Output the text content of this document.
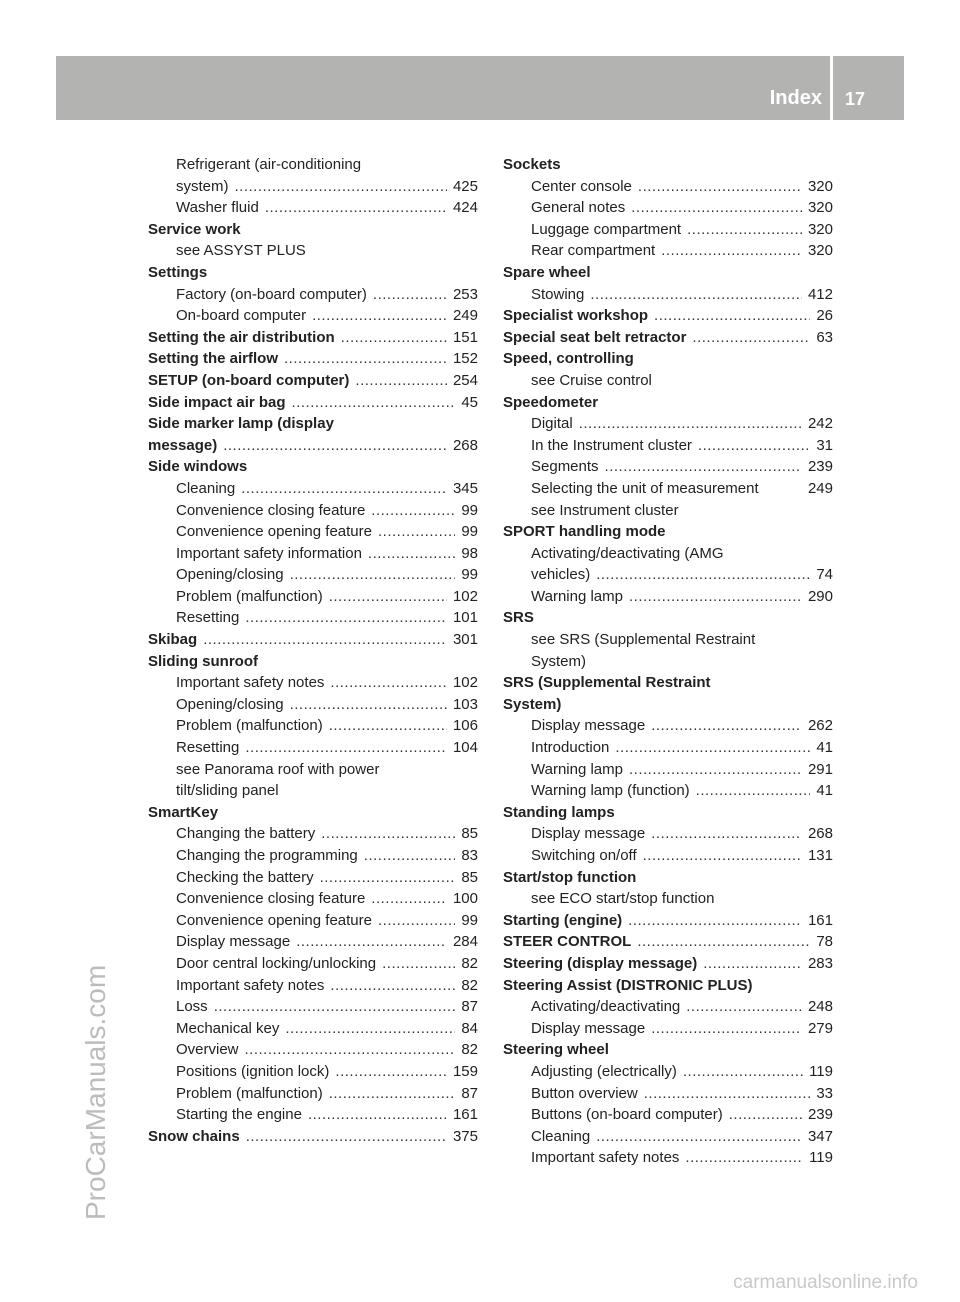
Index 17
ProCarManuals.com
carmanualsonline.info
Refrigerant (air-conditioning
system) .....	425
Washer fluid .....	424
Service work
see ASSYST PLUS
Settings
Factory (on-board computer) .....	253
On-board computer .....	249
Setting the air distribution .....	151
Setting the airflow .....	152
SETUP (on-board computer) .....	254
Side impact air bag .....	45
Side marker lamp (display
message) .....	268
Side windows
Cleaning .....	345
Convenience closing feature .....	99
Convenience opening feature .....	99
Important safety information .....	98
Opening/closing .....	99
Problem (malfunction) .....	102
Resetting .....	101
Skibag .....	301
Sliding sunroof
Important safety notes .....	102
Opening/closing .....	103
Problem (malfunction) .....	106
Resetting .....	104
see Panorama roof with power
tilt/sliding panel
SmartKey
Changing the battery .....	85
Changing the programming .....	83
Checking the battery .....	85
Convenience closing feature .....	100
Convenience opening feature .....	99
Display message .....	284
Door central locking/unlocking .....	82
Important safety notes .....	82
Loss .....	87
Mechanical key .....	84
Overview .....	82
Positions (ignition lock) .....	159
Problem (malfunction) .....	87
Starting the engine .....	161
Snow chains .....	375
Sockets
Center console .....	320
General notes .....	320
Luggage compartment .....	320
Rear compartment .....	320
Spare wheel
Stowing .....	412
Specialist workshop .....	26
Special seat belt retractor .....	63
Speed, controlling
see Cruise control
Speedometer
Digital .....	242
In the Instrument cluster .....	31
Segments .....	239
Selecting the unit of measurement	249
see Instrument cluster
SPORT handling mode
Activating/deactivating (AMG
vehicles) .....	74
Warning lamp .....	290
SRS
see SRS (Supplemental Restraint
System)
SRS (Supplemental Restraint
System)
Display message .....	262
Introduction .....	41
Warning lamp .....	291
Warning lamp (function) .....	41
Standing lamps
Display message .....	268
Switching on/off .....	131
Start/stop function
see ECO start/stop function
Starting (engine) .....	161
STEER CONTROL .....	78
Steering (display message) .....	283
Steering Assist (DISTRONIC PLUS)
Activating/deactivating .....	248
Display message .....	279
Steering wheel
Adjusting (electrically) .....	119
Button overview .....	33
Buttons (on-board computer) .....	239
Cleaning .....	347
Important safety notes .....	119
